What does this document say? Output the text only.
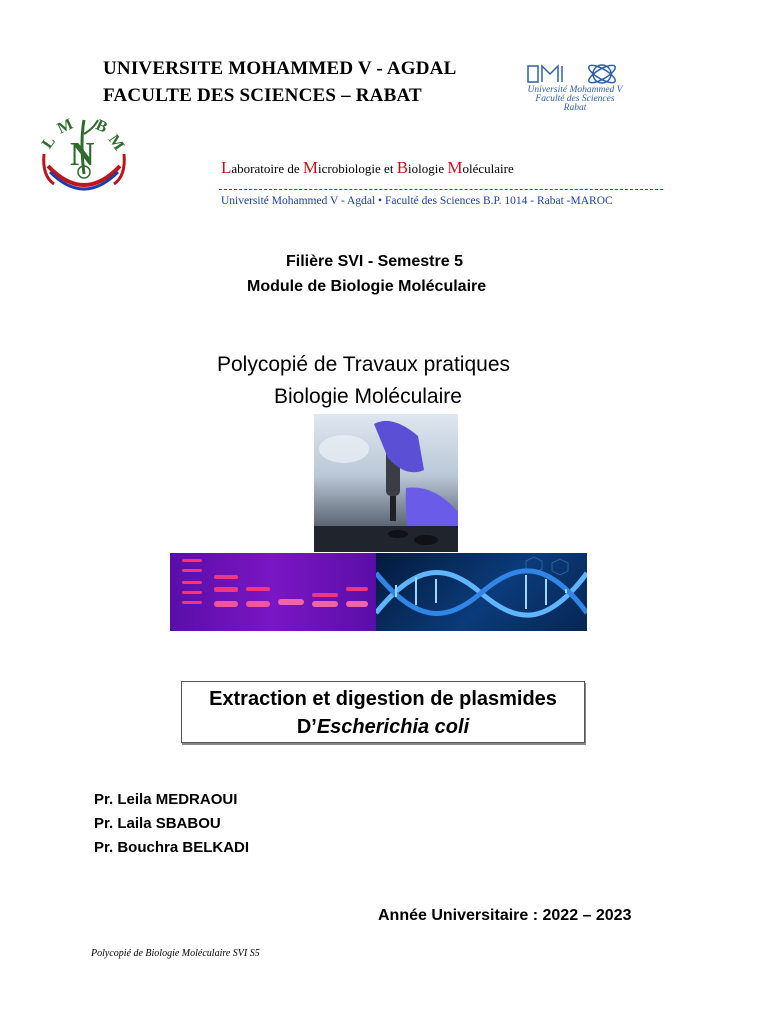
UNIVERSITE MOHAMMED V - AGDAL
FACULTE DES SCIENCES – RABAT	Université Mohammed V
Faculté des Sciences
Rabat
L
M B
M
N	Laboratoire de Microbiologie et Biologie Moléculaire
Université Mohammed V - Agdal • Faculté des Sciences B.P. 1014 - Rabat -MAROC
Filière SVI - Semestre 5
Module de Biologie Moléculaire
Polycopié de Travaux pratiques
Biologie Moléculaire
Extraction et digestion de plasmides
D’Escherichia coli
Pr. Leila MEDRAOUI
Pr. Laila SBABOU
Pr. Bouchra BELKADI
Année Universitaire : 2022 – 2023
Polycopié de Biologie Moléculaire SVI S5
